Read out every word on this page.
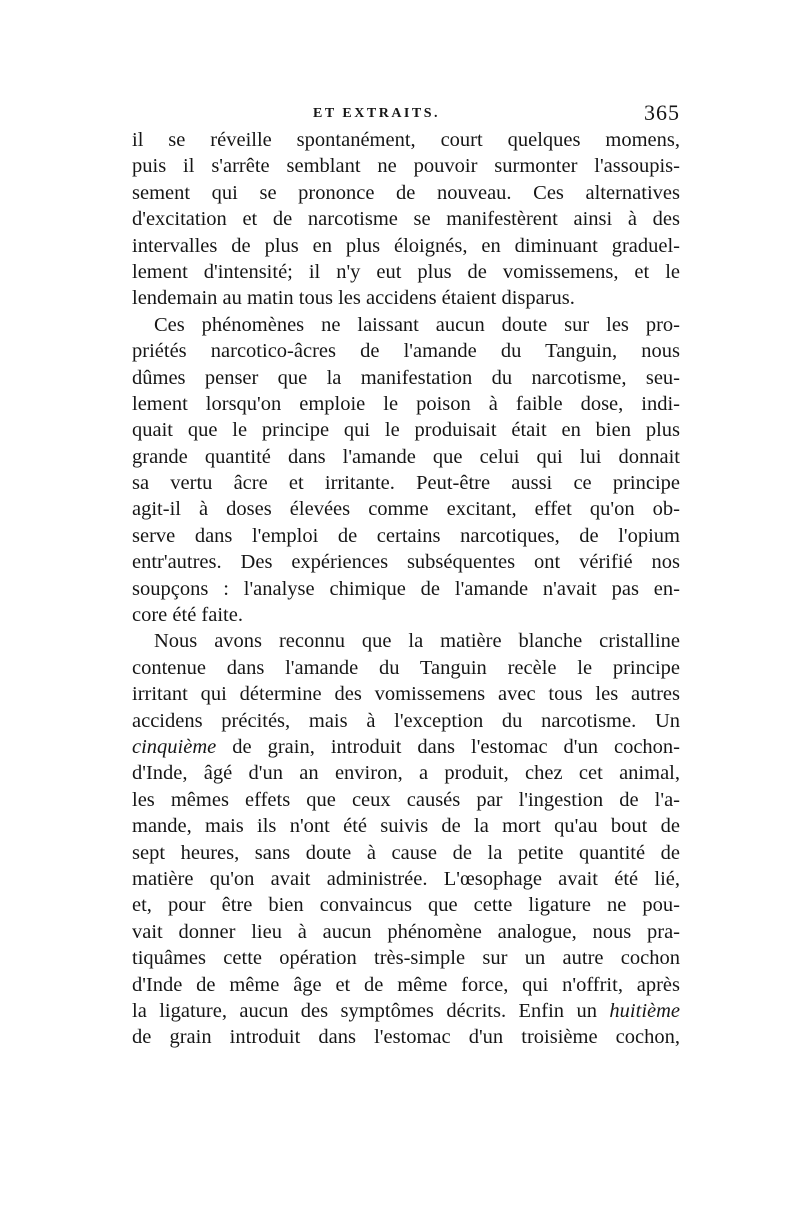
ET EXTRAITS.	365
il se réveille spontanément, court quelques momens,
puis il s'arrête semblant ne pouvoir surmonter l'assoupis-
sement qui se prononce de nouveau. Ces alternatives
d'excitation et de narcotisme se manifestèrent ainsi à des
intervalles de plus en plus éloignés, en diminuant graduel-
lement d'intensité; il n'y eut plus de vomissemens, et le
lendemain au matin tous les accidens étaient disparus.
Ces phénomènes ne laissant aucun doute sur les pro-
priétés narcotico-âcres de l'amande du Tanguin, nous
dûmes penser que la manifestation du narcotisme, seu-
lement lorsqu'on emploie le poison à faible dose, indi-
quait que le principe qui le produisait était en bien plus
grande quantité dans l'amande que celui qui lui donnait
sa vertu âcre et irritante. Peut-être aussi ce principe
agit-il à doses élevées comme excitant, effet qu'on ob-
serve dans l'emploi de certains narcotiques, de l'opium
entr'autres. Des expériences subséquentes ont vérifié nos
soupçons : l'analyse chimique de l'amande n'avait pas en-
core été faite.
Nous avons reconnu que la matière blanche cristalline
contenue dans l'amande du Tanguin recèle le principe
irritant qui détermine des vomissemens avec tous les autres
accidens précités, mais à l'exception du narcotisme. Un
cinquième de grain, introduit dans l'estomac d'un cochon-
d'Inde, âgé d'un an environ, a produit, chez cet animal,
les mêmes effets que ceux causés par l'ingestion de l'a-
mande, mais ils n'ont été suivis de la mort qu'au bout de
sept heures, sans doute à cause de la petite quantité de
matière qu'on avait administrée. L'œsophage avait été lié,
et, pour être bien convaincus que cette ligature ne pou-
vait donner lieu à aucun phénomène analogue, nous pra-
tiquâmes cette opération très-simple sur un autre cochon
d'Inde de même âge et de même force, qui n'offrit, après
la ligature, aucun des symptômes décrits. Enfin un huitième
de grain introduit dans l'estomac d'un troisième cochon,
